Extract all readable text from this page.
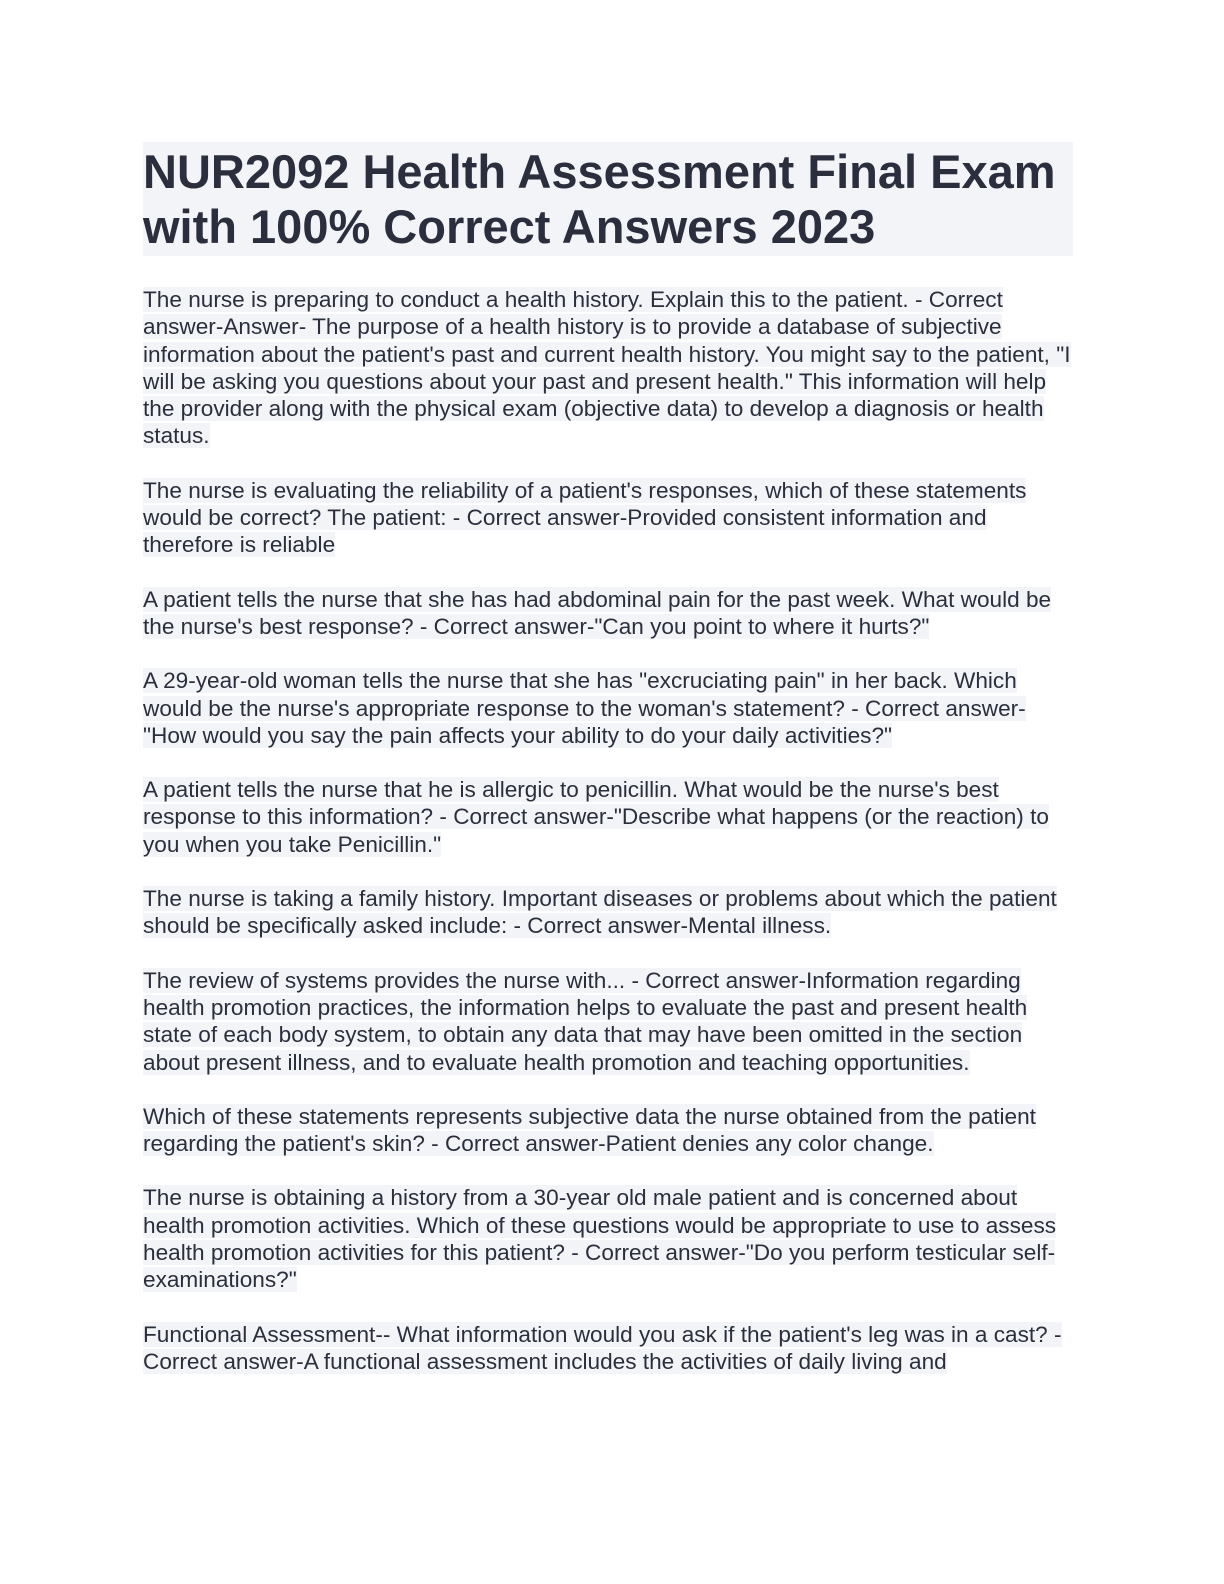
NUR2092 Health Assessment Final Exam with 100% Correct Answers 2023

The nurse is preparing to conduct a health history. Explain this to the patient. - Correct answer-Answer- The purpose of a health history is to provide a database of subjective information about the patient's past and current health history. You might say to the patient, "I will be asking you questions about your past and present health." This information will help the provider along with the physical exam (objective data) to develop a diagnosis or health status.

The nurse is evaluating the reliability of a patient's responses, which of these statements would be correct? The patient: - Correct answer-Provided consistent information and therefore is reliable

A patient tells the nurse that she has had abdominal pain for the past week. What would be the nurse's best response? - Correct answer-"Can you point to where it hurts?"

A 29-year-old woman tells the nurse that she has "excruciating pain" in her back. Which would be the nurse's appropriate response to the woman's statement? - Correct answer-"How would you say the pain affects your ability to do your daily activities?"

A patient tells the nurse that he is allergic to penicillin. What would be the nurse's best response to this information? - Correct answer-"Describe what happens (or the reaction) to you when you take Penicillin."

The nurse is taking a family history. Important diseases or problems about which the patient should be specifically asked include: - Correct answer-Mental illness.

The review of systems provides the nurse with... - Correct answer-Information regarding health promotion practices, the information helps to evaluate the past and present health state of each body system, to obtain any data that may have been omitted in the section about present illness, and to evaluate health promotion and teaching opportunities.

Which of these statements represents subjective data the nurse obtained from the patient regarding the patient's skin? - Correct answer-Patient denies any color change.

The nurse is obtaining a history from a 30-year old male patient and is concerned about health promotion activities. Which of these questions would be appropriate to use to assess health promotion activities for this patient? - Correct answer-"Do you perform testicular self-examinations?"

Functional Assessment-- What information would you ask if the patient's leg was in a cast? - Correct answer-A functional assessment includes the activities of daily living and
